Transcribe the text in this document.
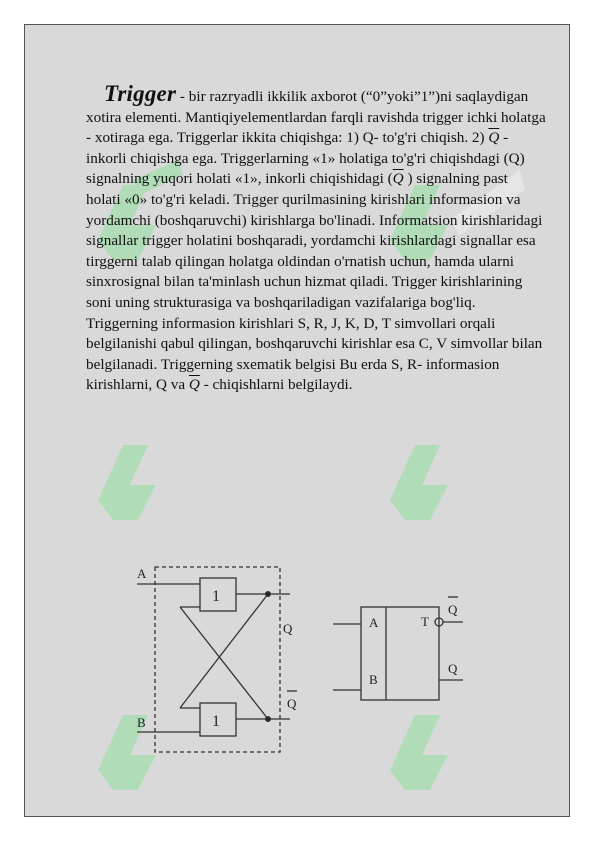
Trigger - bir razryadli ikkilik axborot (“0”yoki”1”)ni saqlaydigan xotira elementi. Mantiqiyelementlardan farqli ravishda trigger ichki holatga - xotiraga ega. Triggerlar ikkita chiqishga: 1) Q- to'g'ri chiqish. 2) $\overline{Q}$ -inkorli chiqishga ega. Triggerlarning «1» holatiga to'g'ri chiqishdagi (Q) signalning yuqori holati «1», inkorli chiqishidagi ($\overline{Q}$ ) signalning past holati «0» to'g'ri keladi. Trigger qurilmasining kirishlari informasion va yordamchi (boshqaruvchi) kirishlarga bo'linadi. Informatsion kirishlaridagi signallar trigger holatini boshqaradi, yordamchi kirishlardagi signallar esa tirggerni talab qilingan holatga oldindan o'rnatish uchun, hamda ularni sinxrosignal bilan ta'minlash uchun hizmat qiladi. Trigger kirishlarining soni uning strukturasiga va boshqariladigan vazifalariga bog'liq. Triggerning informasion kirishlari S, R, J, K, D, T simvollari orqali belgilanishi qabul qilingan, boshqaruvchi kirishlar esa C, V simvollar bilan belgilanadi. Triggerning sxematik belgisi Bu erda S, R- informasion kirishlarni, Q va $\overline{Q}$ - chiqishlarni belgilaydi.

A
B
1
1
Q
Q
A
B
T
Q
Q
